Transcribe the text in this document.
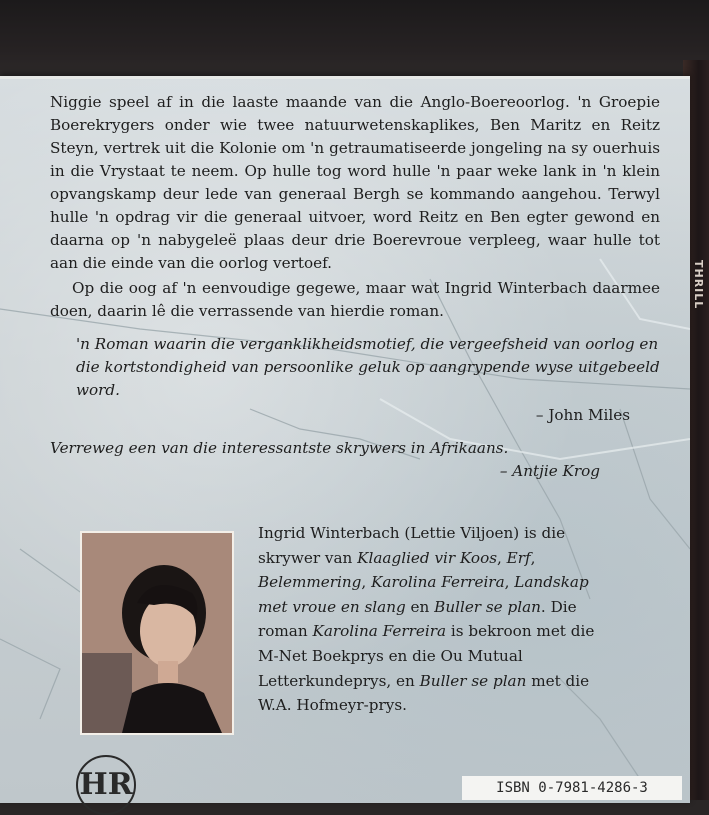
THRILL

Niggie speel af in die laaste maande van die Anglo-Boereoorlog. 'n Groepie Boerekrygers onder wie twee natuurwetenskaplikes, Ben Maritz en Reitz Steyn, vertrek uit die Kolonie om 'n getraumatiseerde jongeling na sy ouerhuis in die Vrystaat te neem. Op hulle tog word hulle 'n paar weke lank in 'n klein opvangskamp deur lede van generaal Bergh se kommando aangehou. Terwyl hulle 'n opdrag vir die generaal uitvoer, word Reitz en Ben egter gewond en daarna op 'n nabygeleë plaas deur drie Boerevroue verpleeg, waar hulle tot aan die einde van die oorlog vertoef.

Op die oog af 'n eenvoudige gegewe, maar wat Ingrid Winterbach daarmee doen, daarin lê die verrassende van hierdie roman.

'n Roman waarin die verganklikheidsmotief, die vergeefsheid van oorlog en die kortstondigheid van persoonlike geluk op aangrypende wyse uitgebeeld word.
– John Miles
Verreweg een van die interessantste skrywers in Afrikaans.
– Antjie Krog
Ingrid Winterbach (Lettie Viljoen) is die skrywer van Klaaglied vir Koos, Erf, Belemmering, Karolina Ferreira, Landskap met vroue en slang en Buller se plan. Die roman Karolina Ferreira is bekroon met die M-Net Boekprys en die Ou Mutual Letterkundeprys, en Buller se plan met die W.A. Hofmeyr-prys.
HR	ISBN 0-7981-4286-3
